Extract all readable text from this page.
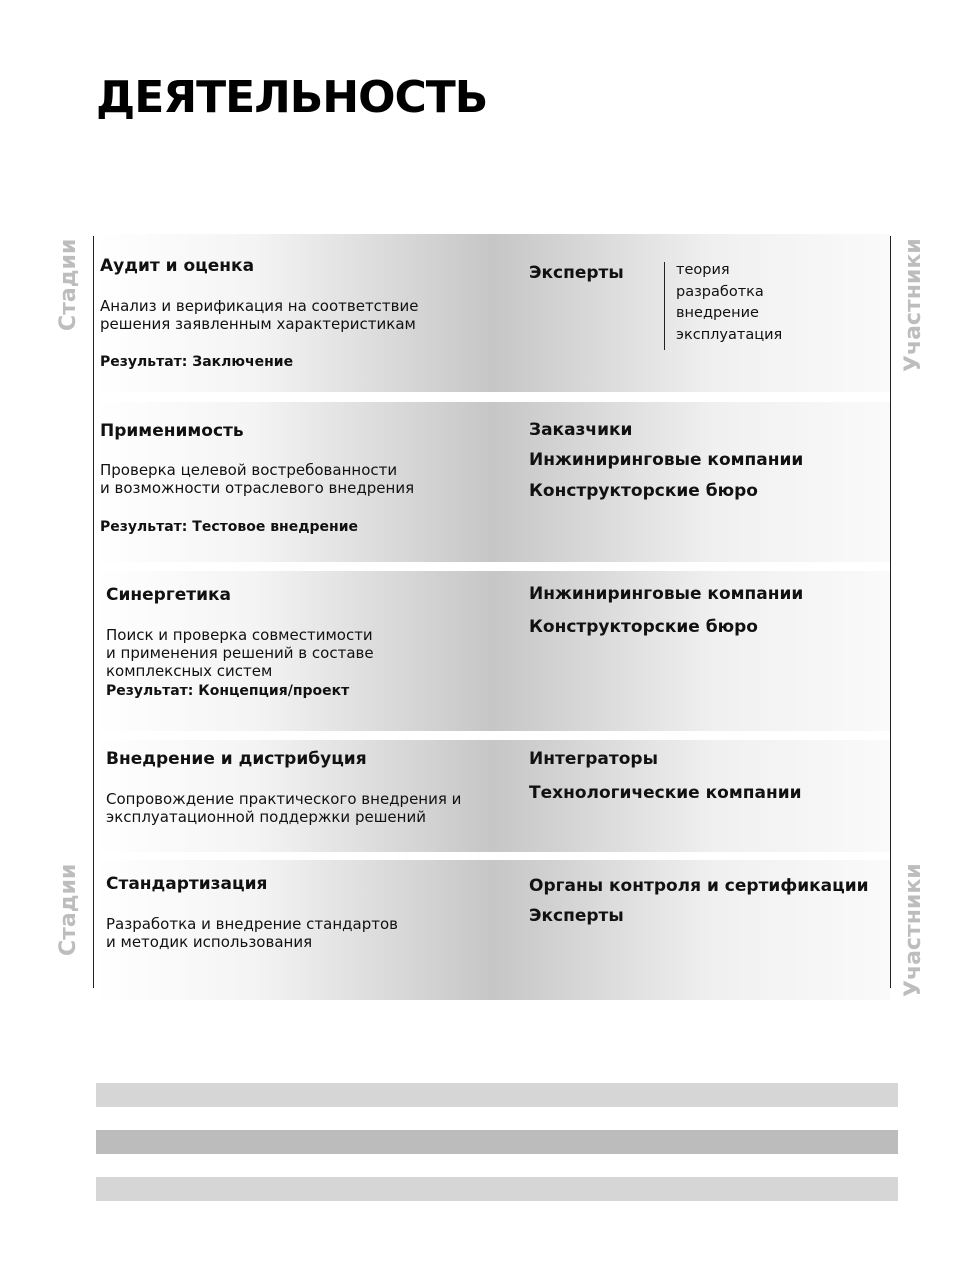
ДЕЯТЕЛЬНОСТЬ
Стадии
Стадии
Участники
Участники
Аудит и оценка
Анализ и верификация на соответствие
решения заявленным характеристикам
Результат: Заключение
Эксперты	теория
разработка
внедрение
эксплуатация
Применимость
Проверка целевой востребованности
и возможности отраслевого внедрения
Результат: Тестовое внедрение
Заказчики
Инжиниринговые компании
Конструкторские бюро
Синергетика
Поиск и проверка совместимости
и применения решений в составе
комплексных систем
Результат: Концепция/проект
Инжиниринговые компании
Конструкторские бюро
Внедрение и дистрибуция
Сопровождение практического внедрения и
эксплуатационной поддержки решений
Интеграторы
Технологические компании
Стандартизация
Разработка и внедрение стандартов
и методик использования
Органы контроля и сертификации
Эксперты
